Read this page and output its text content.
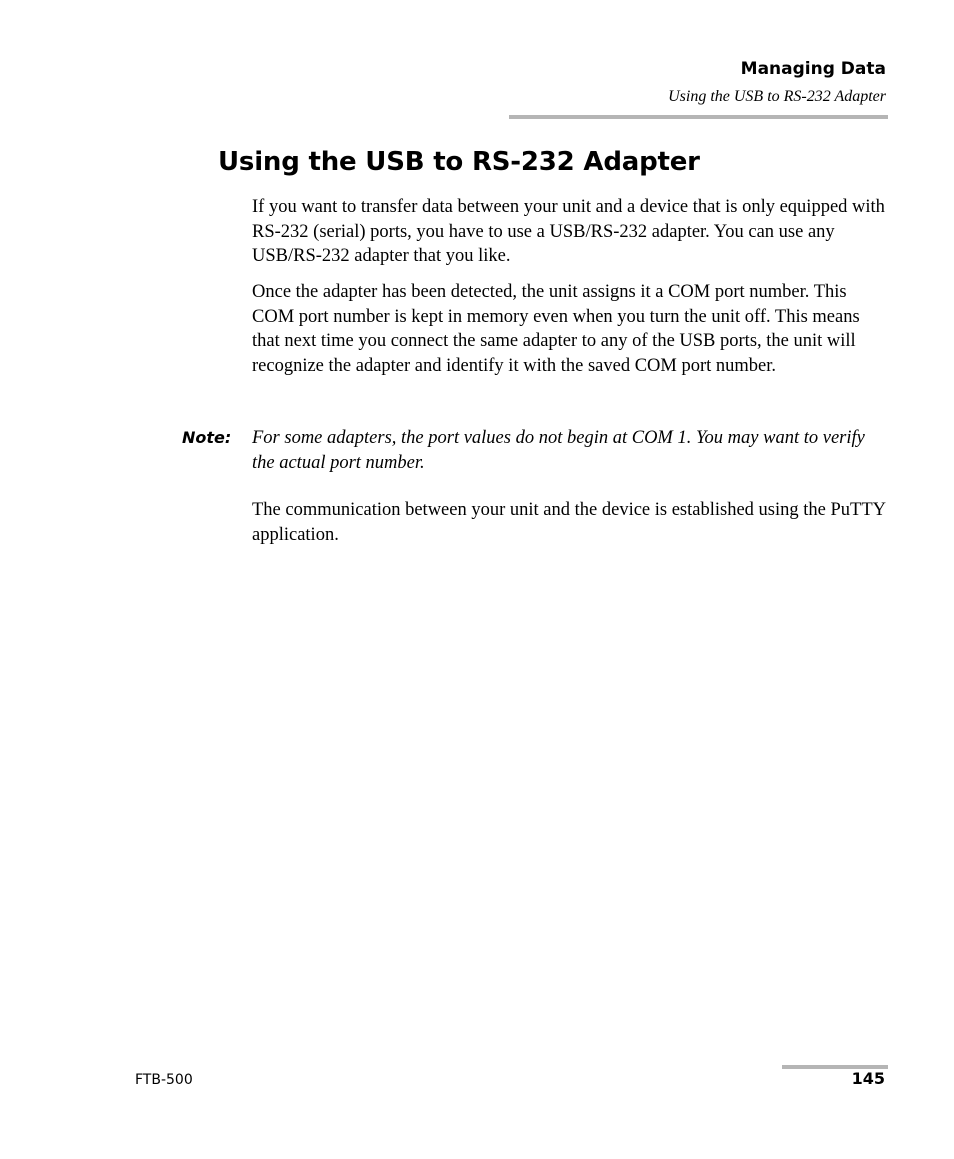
Managing Data
Using the USB to RS-232 Adapter
Using the USB to RS-232 Adapter

If you want to transfer data between your unit and a device that is only equipped with RS-232 (serial) ports, you have to use a USB/RS-232 adapter. You can use any USB/RS-232 adapter that you like.

Once the adapter has been detected, the unit assigns it a COM port number. This COM port number is kept in memory even when you turn the unit off. This means that next time you connect the same adapter to any of the USB ports, the unit will recognize the adapter and identify it with the saved COM port number.

Note: For some adapters, the port values do not begin at COM 1. You may want to verify the actual port number.

The communication between your unit and the device is established using the PuTTY application.

FTB-500	145
